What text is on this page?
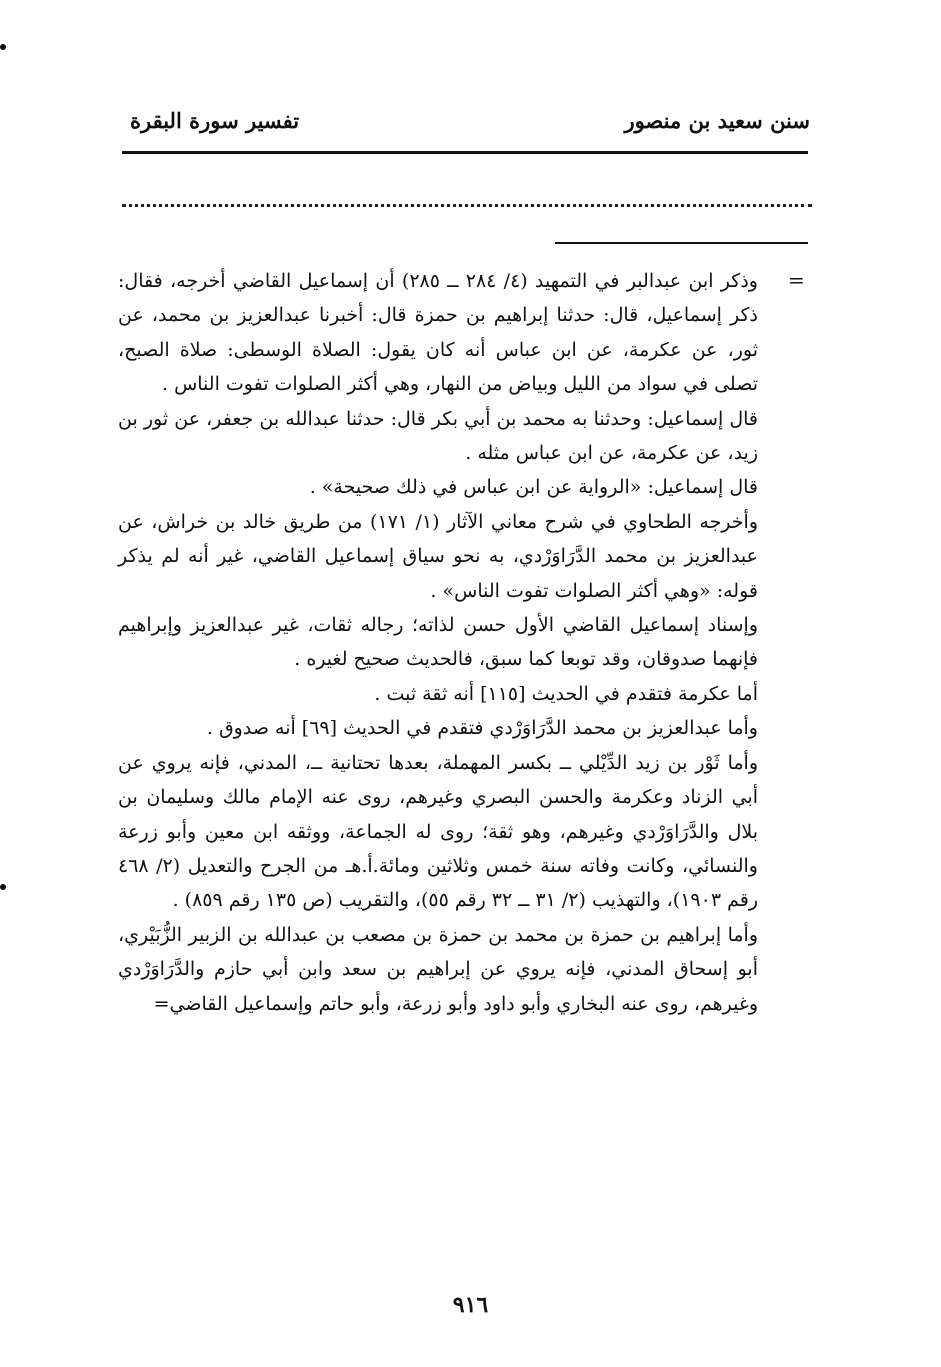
سنن سعيد بن منصور
تفسير سورة البقرة
=

وذكر ابن عبدالبر في التمهيد (٤/ ٢٨٤ ــ ٢٨٥) أن إسماعيل القاضي أخرجه، فقال: ذكر إسماعيل، قال: حدثنا إبراهيم بن حمزة قال: أخبرنا عبدالعزيز بن محمد، عن ثور، عن عكرمة، عن ابن عباس أنه كان يقول: الصلاة الوسطى: صلاة الصبح، تصلى في سواد من الليل وبياض من النهار، وهي أكثر الصلوات تفوت الناس .

قال إسماعيل: وحدثنا به محمد بن أبي بكر قال: حدثنا عبدالله بن جعفر، عن ثور بن زيد، عن عكرمة، عن ابن عباس مثله .

قال إسماعيل: «الرواية عن ابن عباس في ذلك صحيحة» .

وأخرجه الطحاوي في شرح معاني الآثار (١/ ١٧١) من طريق خالد بن خراش، عن عبدالعزيز بن محمد الدَّرَاوَرْدي، به نحو سياق إسماعيل القاضي، غير أنه لم يذكر قوله: «وهي أكثر الصلوات تفوت الناس» .

وإسناد إسماعيل القاضي الأول حسن لذاته؛ رجاله ثقات، غير عبدالعزيز وإبراهيم فإنهما صدوقان، وقد توبعا كما سبق، فالحديث صحيح لغيره .

أما عكرمة فتقدم في الحديث [١١٥] أنه ثقة ثبت .

وأما عبدالعزيز بن محمد الدَّرَاوَرْدي فتقدم في الحديث [٦٩] أنه صدوق .

وأما ثَوْر بن زيد الدِّيْلي ــ بكسر المهملة، بعدها تحتانية ــ، المدني، فإنه يروي عن أبي الزناد وعكرمة والحسن البصري وغيرهم، روى عنه الإمام مالك وسليمان بن بلال والدَّرَاوَرْدي وغيرهم، وهو ثقة؛ روى له الجماعة، ووثقه ابن معين وأبو زرعة والنسائي، وكانت وفاته سنة خمس وثلاثين ومائة.أ.هـ من الجرح والتعديل (٢/ ٤٦٨ رقم ١٩٠٣)، والتهذيب (٢/ ٣١ ــ ٣٢ رقم ٥٥)، والتقريب (ص ١٣٥ رقم ٨٥٩) .

وأما إبراهيم بن حمزة بن محمد بن حمزة بن مصعب بن عبدالله بن الزبير الزُّبَيْري، أبو إسحاق المدني، فإنه يروي عن إبراهيم بن سعد وابن أبي حازم والدَّرَاوَرْدي وغيرهم، روى عنه البخاري وأبو داود وأبو زرعة، وأبو حاتم وإسماعيل القاضي=

٩١٦
